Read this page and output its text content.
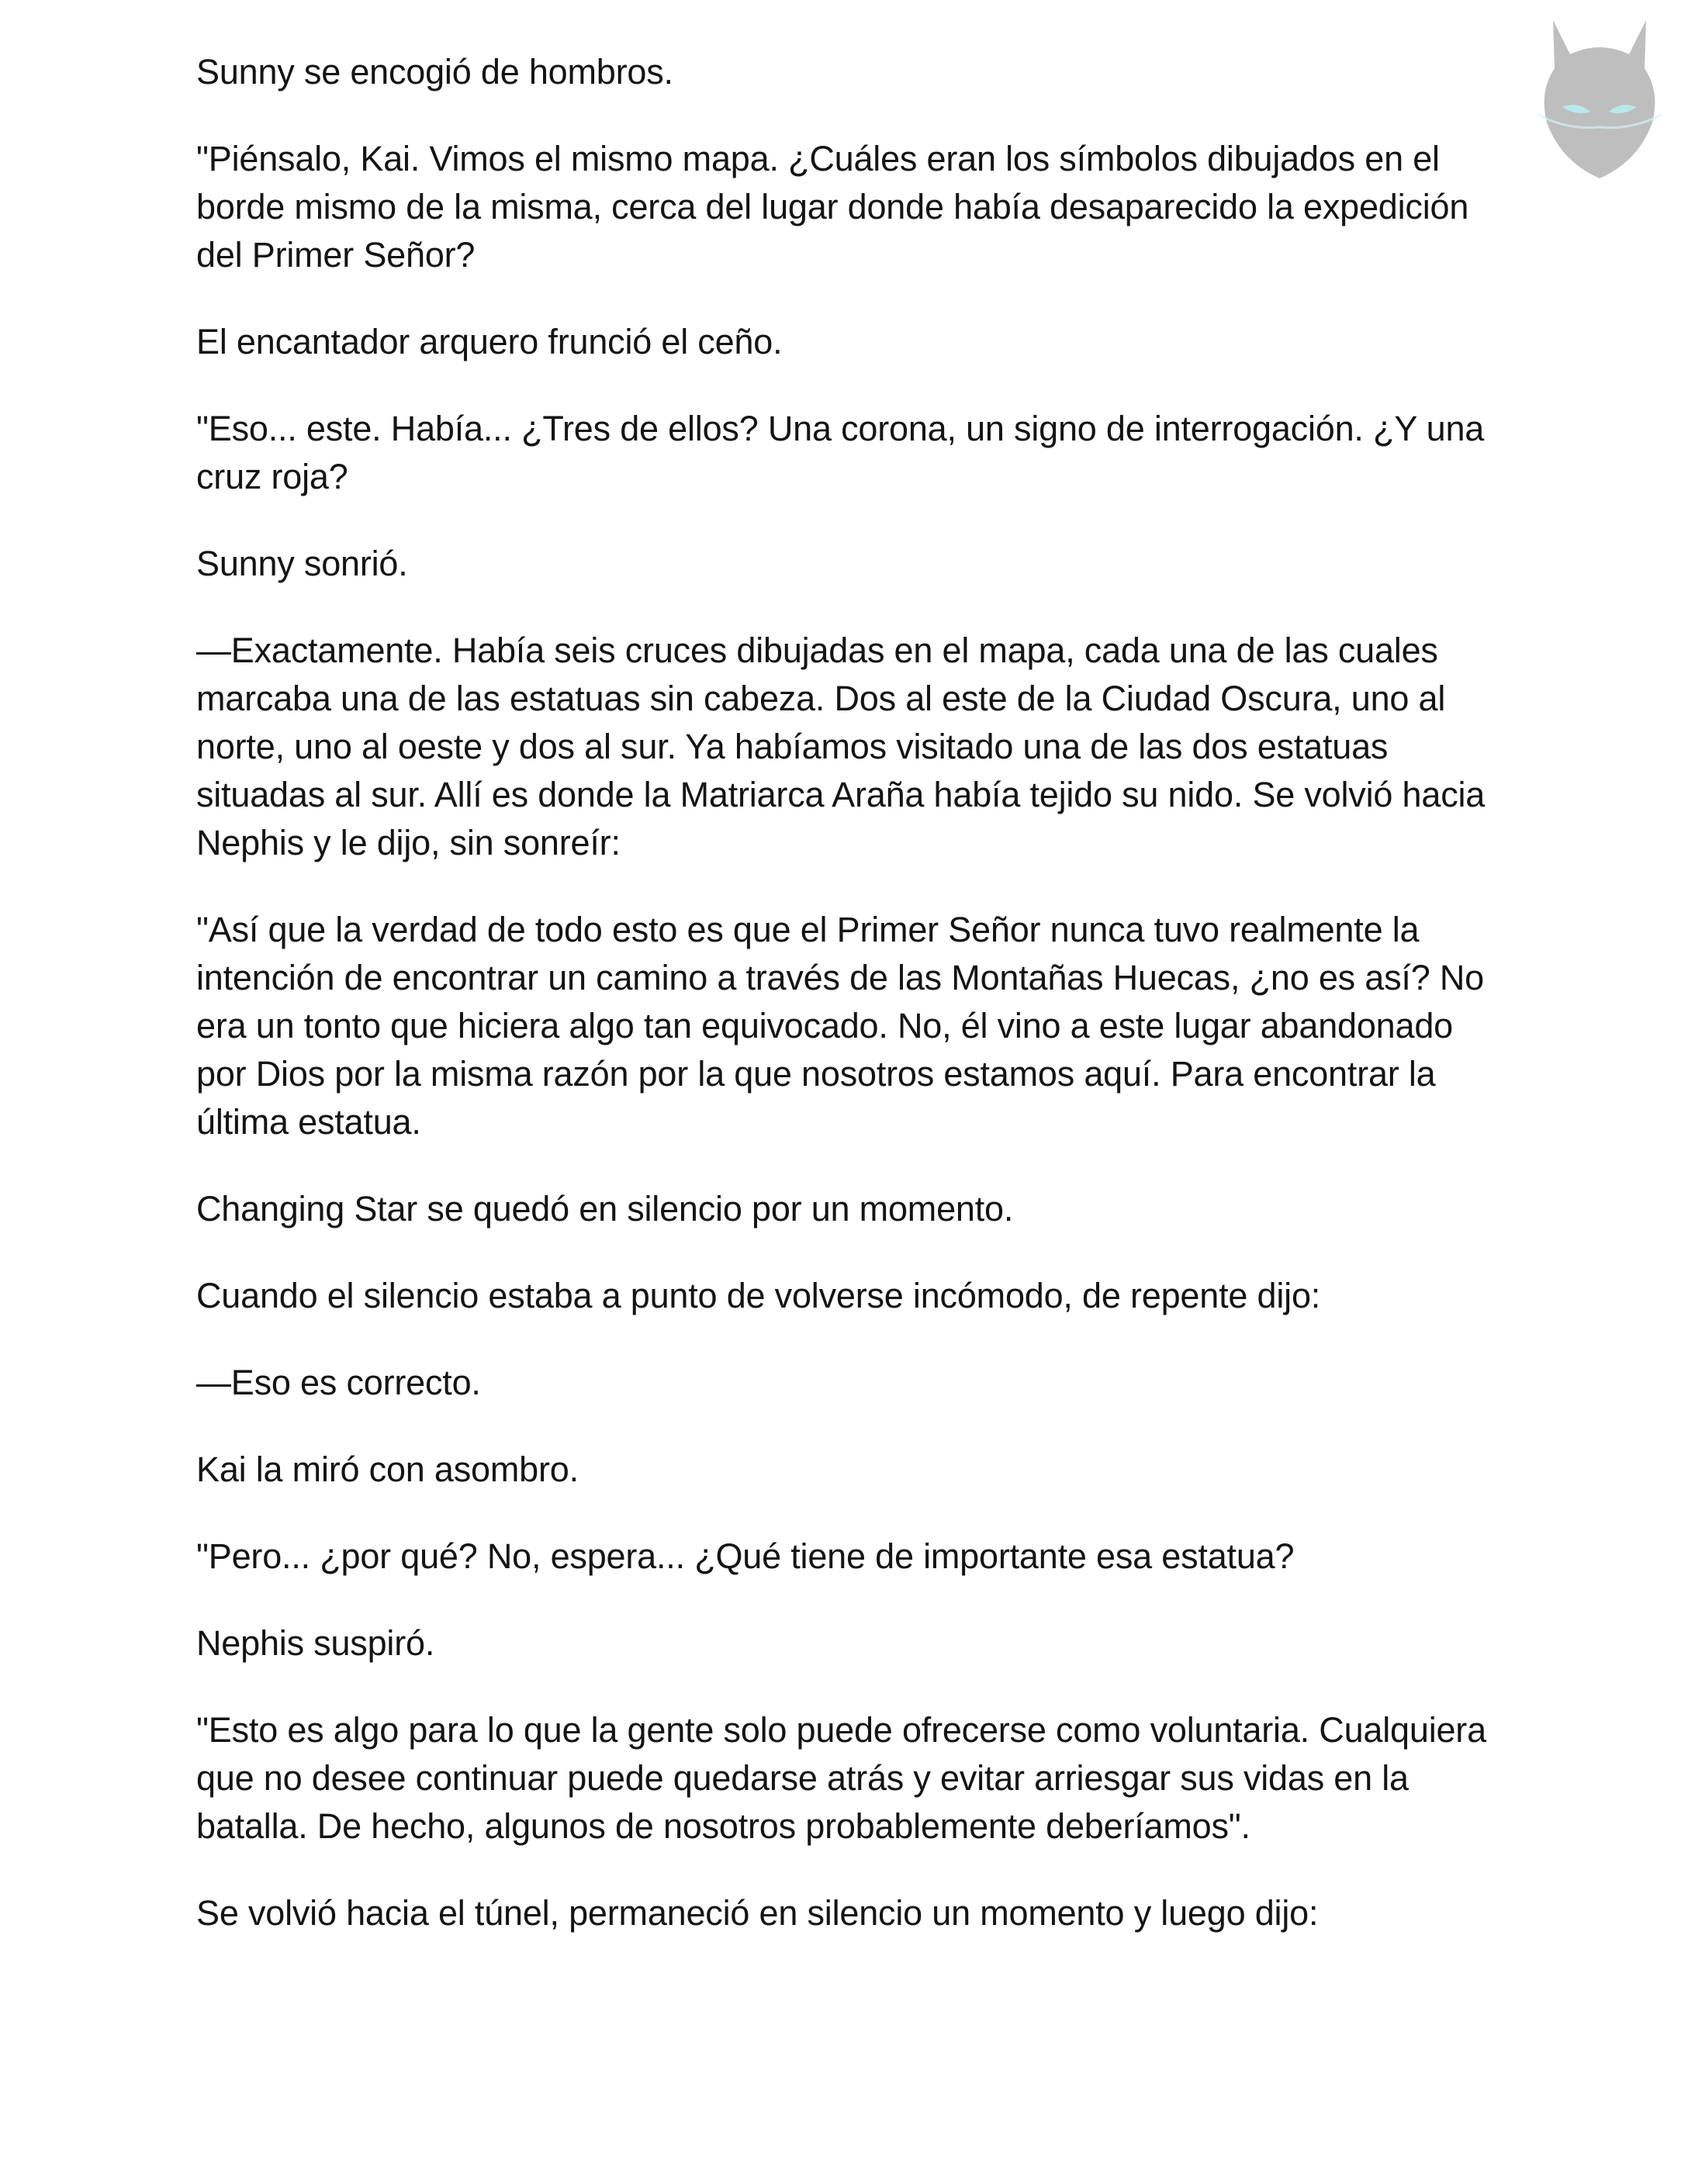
Sunny se encogió de hombros.

"Piénsalo, Kai. Vimos el mismo mapa. ¿Cuáles eran los símbolos dibujados en el borde mismo de la misma, cerca del lugar donde había desaparecido la expedición del Primer Señor?

El encantador arquero frunció el ceño.

"Eso... este. Había... ¿Tres de ellos? Una corona, un signo de interrogación. ¿Y una cruz roja?

Sunny sonrió.

—Exactamente. Había seis cruces dibujadas en el mapa, cada una de las cuales marcaba una de las estatuas sin cabeza. Dos al este de la Ciudad Oscura, uno al norte, uno al oeste y dos al sur. Ya habíamos visitado una de las dos estatuas situadas al sur. Allí es donde la Matriarca Araña había tejido su nido. Se volvió hacia Nephis y le dijo, sin sonreír:

"Así que la verdad de todo esto es que el Primer Señor nunca tuvo realmente la intención de encontrar un camino a través de las Montañas Huecas, ¿no es así? No era un tonto que hiciera algo tan equivocado. No, él vino a este lugar abandonado por Dios por la misma razón por la que nosotros estamos aquí. Para encontrar la última estatua.

Changing Star se quedó en silencio por un momento.

Cuando el silencio estaba a punto de volverse incómodo, de repente dijo:

—Eso es correcto.

Kai la miró con asombro.

"Pero... ¿por qué? No, espera... ¿Qué tiene de importante esa estatua?

Nephis suspiró.

"Esto es algo para lo que la gente solo puede ofrecerse como voluntaria. Cualquiera que no desee continuar puede quedarse atrás y evitar arriesgar sus vidas en la batalla. De hecho, algunos de nosotros probablemente deberíamos".

Se volvió hacia el túnel, permaneció en silencio un momento y luego dijo:
